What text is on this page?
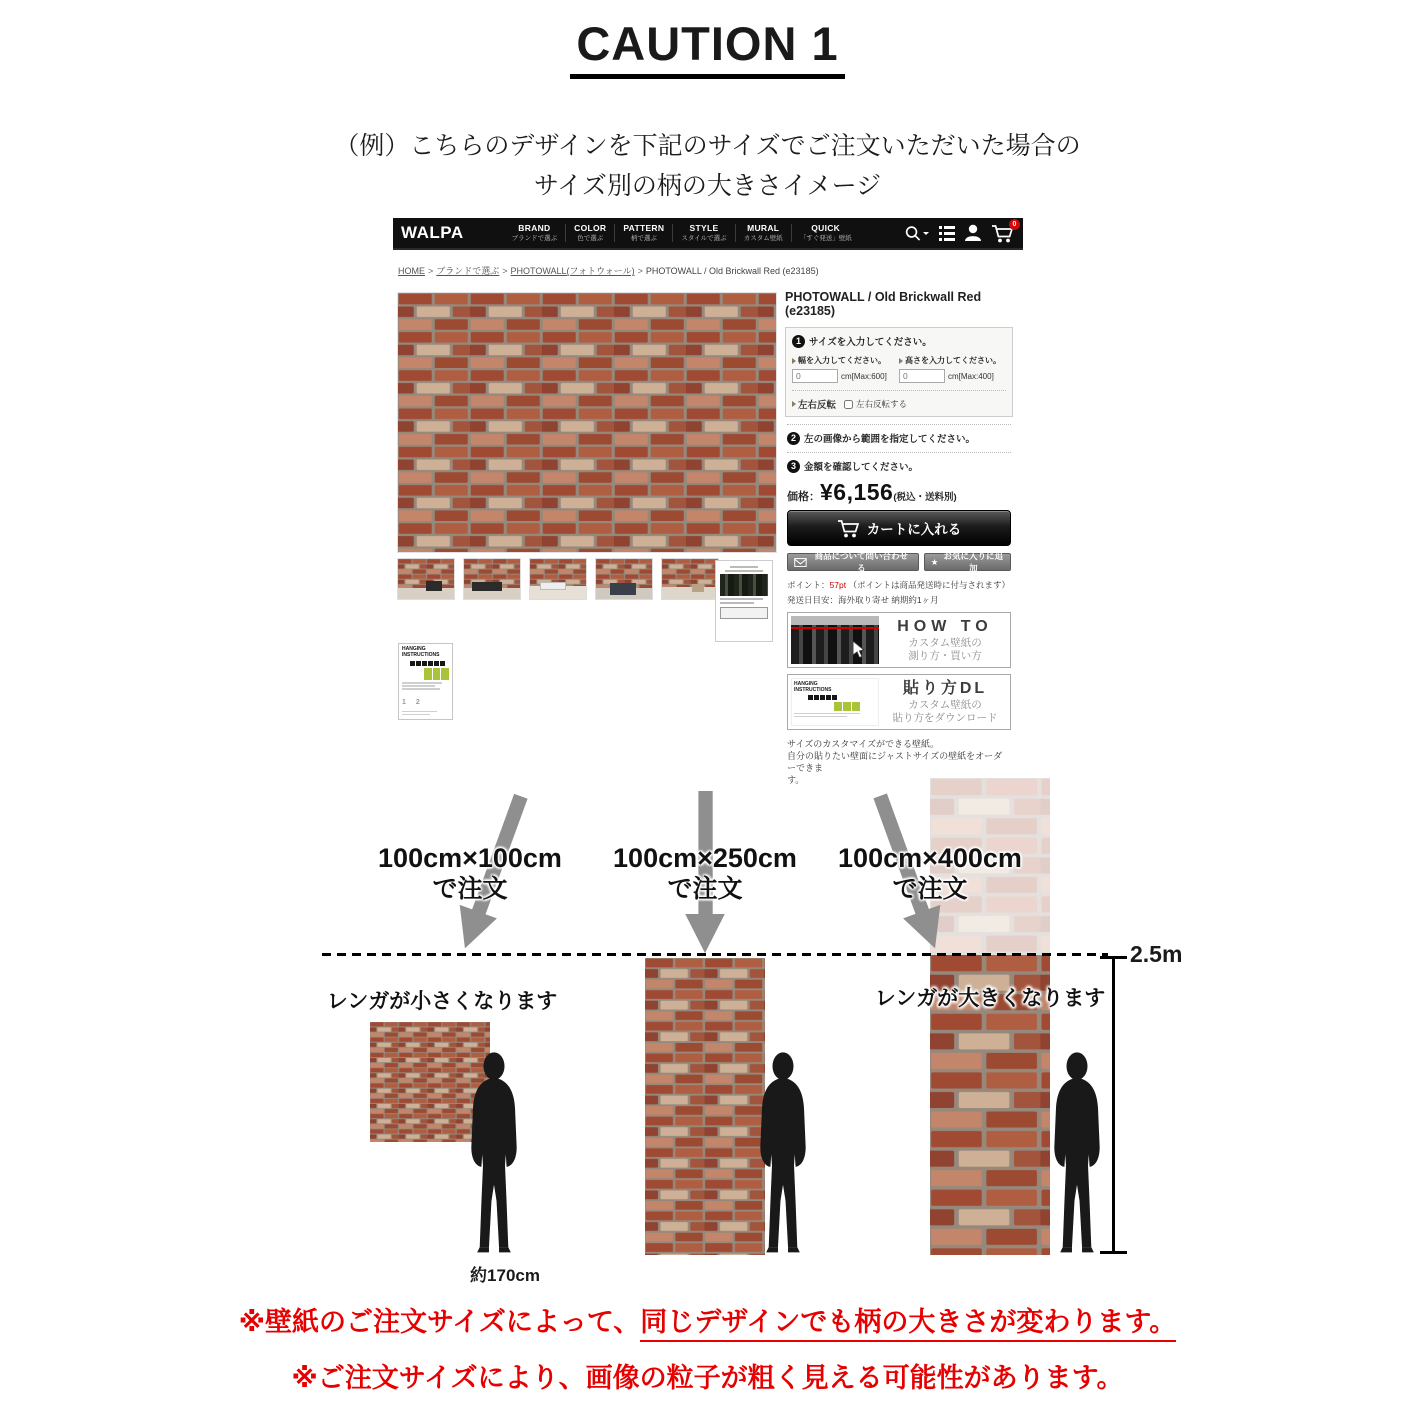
CAUTION 1
（例）こちらのデザインを下記のサイズでご注文いただいた場合の
サイズ別の柄の大きさイメージ
WALPA	BRAND
ブランドで選ぶ
COLOR
色で選ぶ
PATTERN
柄で選ぶ
STYLE
スタイルで選ぶ
MURAL
カスタム壁紙
QUICK
「すぐ発送」壁紙
0
HOME > ブランドで選ぶ > PHOTOWALL(フォトウォール) > PHOTOWALL / Old Brickwall Red (e23185)
HANGING
INSTRUCTIONS
1 2
PHOTOWALL / Old Brickwall Red (e23185)
1 サイズを入力してください。
幅を入力してください。
0
cm[Max:600]
高さを入力してください。
0
cm[Max:400]
左右反転 左右反転する
2 左の画像から範囲を指定してください。
3 金額を確認してください。
価格： ¥6,156 (税込・送料別)
カートに入れる
商品について問い合わせる
★
お気に入りに追加
ポイント：57pt （ポイントは商品発送時に付与されます）
発送日目安：海外取り寄せ 納期約1ヶ月
HOW TO
カスタム壁紙の
測り方・買い方
HANGING
INSTRUCTIONS	貼り方DL
カスタム壁紙の
貼り方をダウンロード
サイズのカスタマイズができる壁紙。
自分の貼りたい壁面にジャストサイズの壁紙をオーダーできま
す。
100cm×100cm
で注文
100cm×250cm
で注文
100cm×400cm
で注文
レンガが小さくなります	レンガが大きくなります
約170cm
2.5m
※壁紙のご注文サイズによって、同じデザインでも柄の大きさが変わります。
※ご注文サイズにより、画像の粒子が粗く見える可能性があります。
